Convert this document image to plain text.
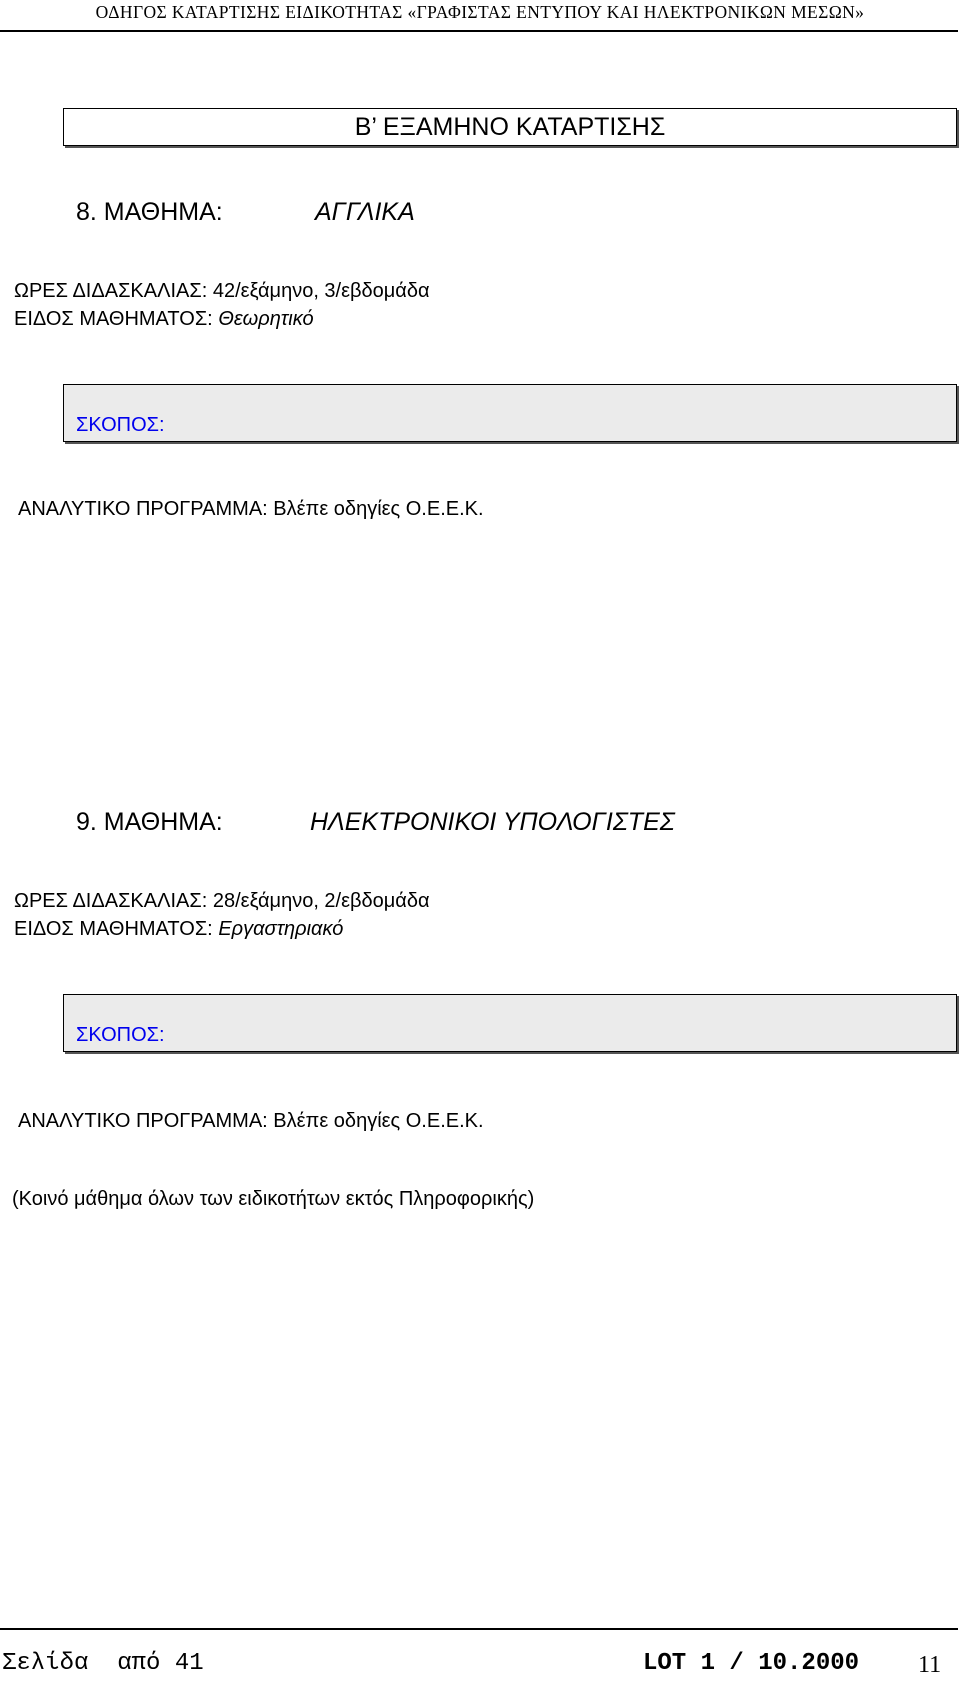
ΟΔΗΓΟΣ ΚΑΤΑΡΤΙΣΗΣ ΕΙΔΙΚΟΤΗΤΑΣ «ΓΡΑΦΙΣΤΑΣ ΕΝΤΥΠΟΥ ΚΑΙ ΗΛΕΚΤΡΟΝΙΚΩΝ ΜΕΣΩΝ»
Β’ ΕΞΑΜΗΝΟ ΚΑΤΑΡΤΙΣΗΣ
8. ΜΑΘΗΜΑ:	ΑΓΓΛΙΚΑ
ΩΡΕΣ ΔΙΔΑΣΚΑΛΙΑΣ: 42/εξάμηνο, 3/εβδομάδα
ΕΙΔΟΣ ΜΑΘΗΜΑΤΟΣ: Θεωρητικό
ΣΚΟΠΟΣ:
ΑΝΑΛΥΤΙΚΟ ΠΡΟΓΡΑΜΜΑ: Βλέπε οδηγίες Ο.Ε.Ε.Κ.
9. ΜΑΘΗΜΑ:	ΗΛΕΚΤΡΟΝΙΚΟΙ ΥΠΟΛΟΓΙΣΤΕΣ
ΩΡΕΣ ΔΙΔΑΣΚΑΛΙΑΣ: 28/εξάμηνο, 2/εβδομάδα
ΕΙΔΟΣ ΜΑΘΗΜΑΤΟΣ: Εργαστηριακό
ΣΚΟΠΟΣ:
ΑΝΑΛΥΤΙΚΟ ΠΡΟΓΡΑΜΜΑ: Βλέπε οδηγίες Ο.Ε.Ε.Κ.
(Κοινό μάθημα όλων των ειδικοτήτων εκτός Πληροφορικής)
Σελίδα  από 41	LOT 1 / 10.2000 11
